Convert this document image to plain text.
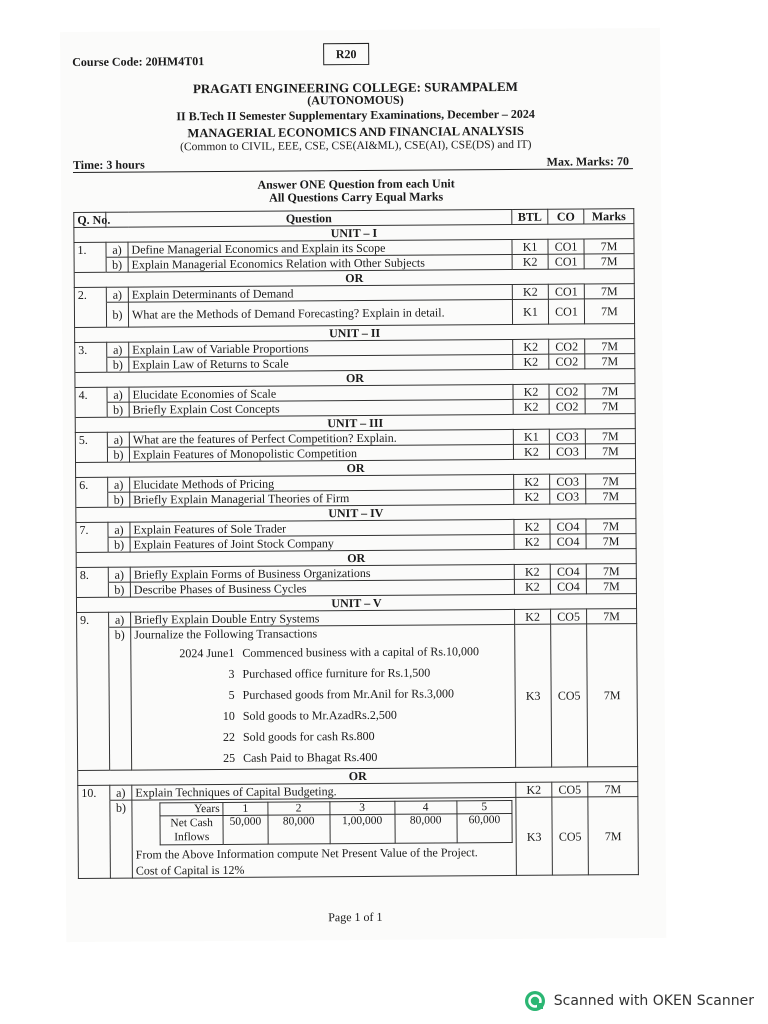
Course Code: 20HM4T01	R20
PRAGATI ENGINEERING COLLEGE: SURAMPALEM
(AUTONOMOUS)
II B.Tech II Semester Supplementary Examinations, December – 2024
MANAGERIAL ECONOMICS AND FINANCIAL ANALYSIS
(Common to CIVIL, EEE, CSE, CSE(AI&ML), CSE(AI), CSE(DS) and IT)
Time: 3 hours	Max. Marks: 70
Answer ONE Question from each Unit
All Questions Carry Equal Marks
Q. No.	Question	BTL	CO	Marks
UNIT – I
1.	a)	Define Managerial Economics and Explain its Scope	K1	CO1	7M
	b)	Explain Managerial Economics Relation with Other Subjects	K2	CO1	7M
OR
2.	a)	Explain Determinants of Demand	K2	CO1	7M
	b)	What are the Methods of Demand Forecasting? Explain in detail.	K1	CO1	7M
UNIT – II
3.	a)	Explain Law of Variable Proportions	K2	CO2	7M
	b)	Explain Law of Returns to Scale	K2	CO2	7M
OR
4.	a)	Elucidate Economies of Scale	K2	CO2	7M
	b)	Briefly Explain Cost Concepts	K2	CO2	7M
UNIT – III
5.	a)	What are the features of Perfect Competition? Explain.	K1	CO3	7M
	b)	Explain Features of Monopolistic Competition	K2	CO3	7M
OR
6.	a)	Elucidate Methods of Pricing	K2	CO3	7M
	b)	Briefly Explain Managerial Theories of Firm	K2	CO3	7M
UNIT – IV
7.	a)	Explain Features of Sole Trader	K2	CO4	7M
	b)	Explain Features of Joint Stock Company	K2	CO4	7M
OR
8.	a)	Briefly Explain Forms of Business Organizations	K2	CO4	7M
	b)	Describe Phases of Business Cycles	K2	CO4	7M
UNIT – V
9.	a)	Briefly Explain Double Entry Systems	K2	CO5	7M
	b)	Journalize the Following Transactions
2024 June1 Commenced business with a capital of Rs.10,000
3 Purchased office furniture for Rs.1,500
5 Purchased goods from Mr.Anil for Rs.3,000
10 Sold goods to Mr.AzadRs.2,500
22 Sold goods for cash Rs.800
25 Cash Paid to Bhagat Rs.400
	K3	CO5	7M
OR
10.	a)	Explain Techniques of Capital Budgeting.	K2	CO5	7M
	b)		Years	1	2	3	4	5
Net Cash Inflows	50,000	80,000	1,00,000	80,000	60,000
From the Above Information compute Net Present Value of the Project.
Cost of Capital is 12%
	K3	CO5	7M
Page 1 of 1
Scanned with OKEN Scanner
